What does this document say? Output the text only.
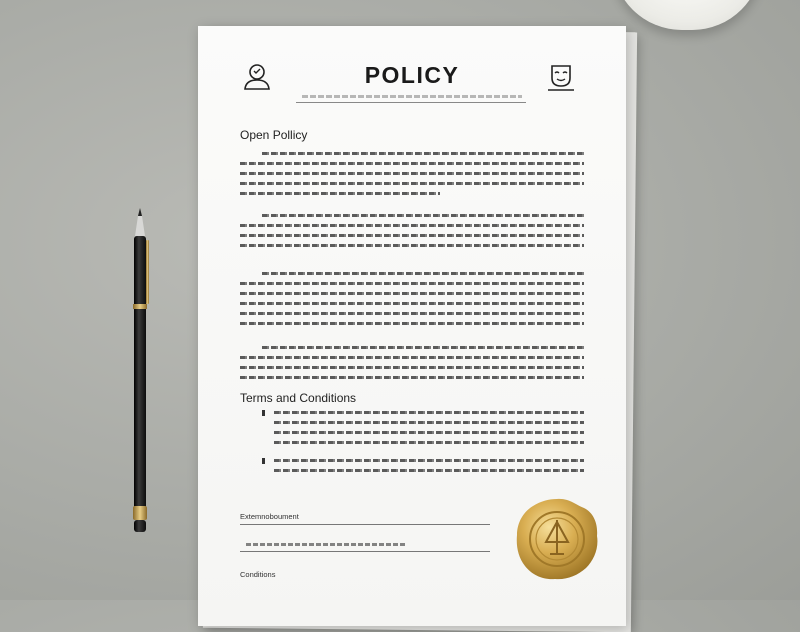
POLICY
Open Pollicy
Terms and Conditions
Extemnoboument
Conditions
